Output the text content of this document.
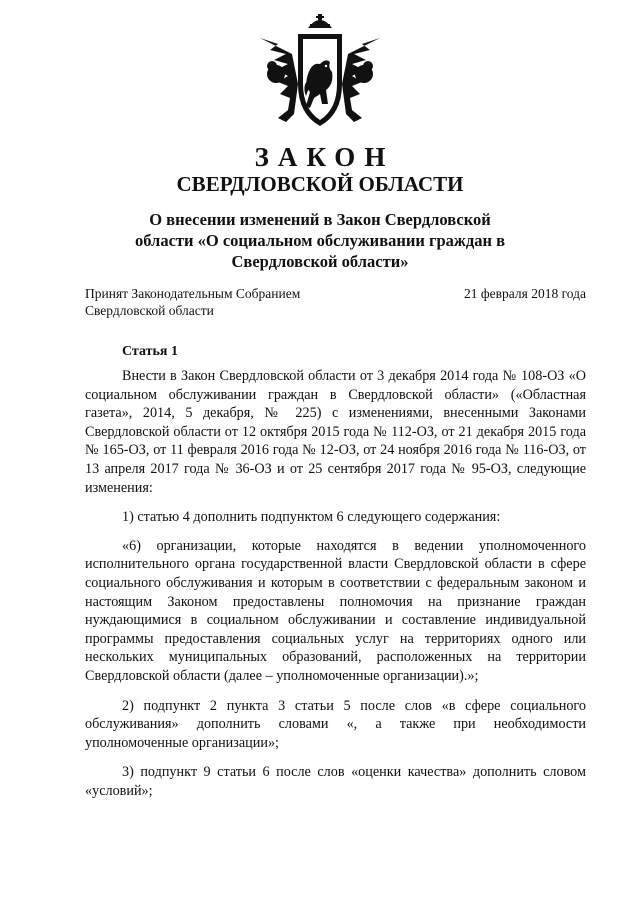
ЗАКОН
СВЕРДЛОВСКОЙ ОБЛАСТИ
О внесении изменений в Закон Свердловской области «О социальном обслуживании граждан в Свердловской области»
Принят Законодательным Собранием
Свердловской области
21 февраля 2018 года
Статья 1

Внести в Закон Свердловской области от 3 декабря 2014 года № 108-ОЗ «О социальном обслуживании граждан в Свердловской области» («Областная газета», 2014, 5 декабря, № 225) с изменениями, внесенными Законами Свердловской области от 12 октября 2015 года № 112-ОЗ, от 21 декабря 2015 года № 165-ОЗ, от 11 февраля 2016 года № 12-ОЗ, от 24 ноября 2016 года № 116-ОЗ, от 13 апреля 2017 года № 36-ОЗ и от 25 сентября 2017 года № 95-ОЗ, следующие изменения:

1) статью 4 дополнить подпунктом 6 следующего содержания:

«6) организации, которые находятся в ведении уполномоченного исполнительного органа государственной власти Свердловской области в сфере социального обслуживания и которым в соответствии с федеральным законом и настоящим Законом предоставлены полномочия на признание граждан нуждающимися в социальном обслуживании и составление индивидуальной программы предоставления социальных услуг на территориях одного или нескольких муниципальных образований, расположенных на территории Свердловской области (далее – уполномоченные организации).»;

2) подпункт 2 пункта 3 статьи 5 после слов «в сфере социального обслуживания» дополнить словами «, а также при необходимости уполномоченные организации»;

3) подпункт 9 статьи 6 после слов «оценки качества» дополнить словом «условий»;
